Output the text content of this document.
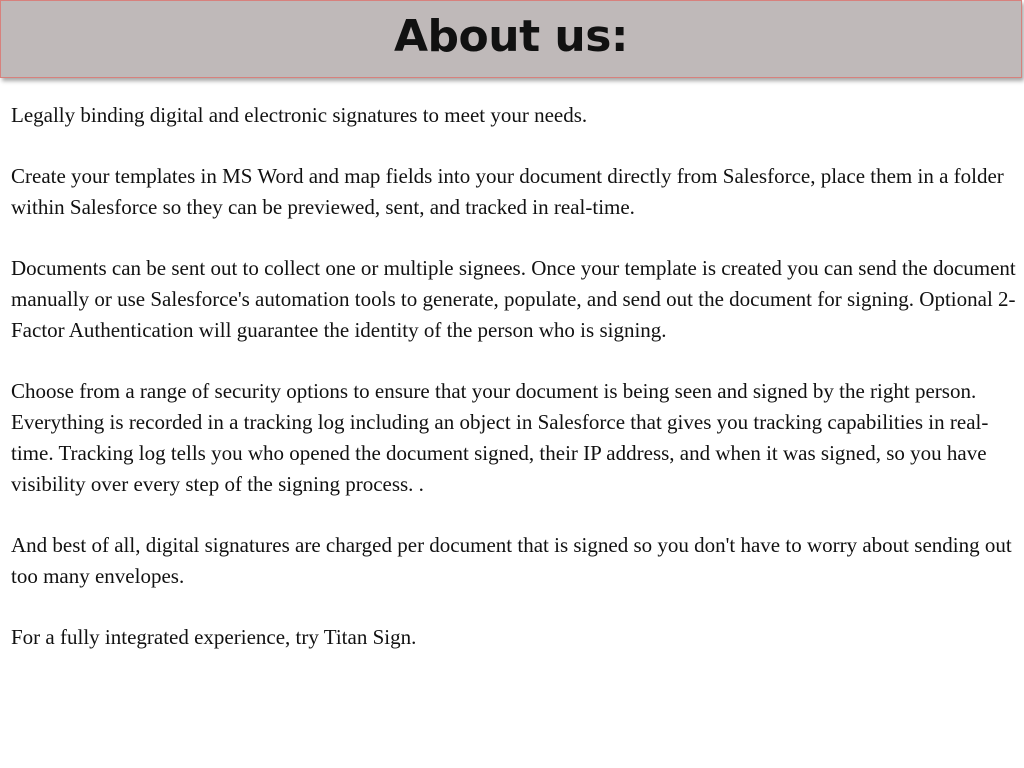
About us:

Legally binding digital and electronic signatures to meet your needs.

Create your templates in MS Word and map fields into your document directly from Salesforce, place them in a folder within Salesforce so they can be previewed, sent, and tracked in real-time.

Documents can be sent out to collect one or multiple signees. Once your template is created you can send the document manually or use Salesforce's automation tools to generate, populate, and send out the document for signing. Optional 2-Factor Authentication will guarantee the identity of the person who is signing.

Choose from a range of security options to ensure that your document is being seen and signed by the right person. Everything is recorded in a tracking log including an object in Salesforce that gives you tracking capabilities in real-time. Tracking log tells you who opened the document signed, their IP address, and when it was signed, so you have visibility over every step of the signing process. .

And best of all, digital signatures are charged per document that is signed so you don't have to worry about sending out too many envelopes.

For a fully integrated experience, try Titan Sign.
